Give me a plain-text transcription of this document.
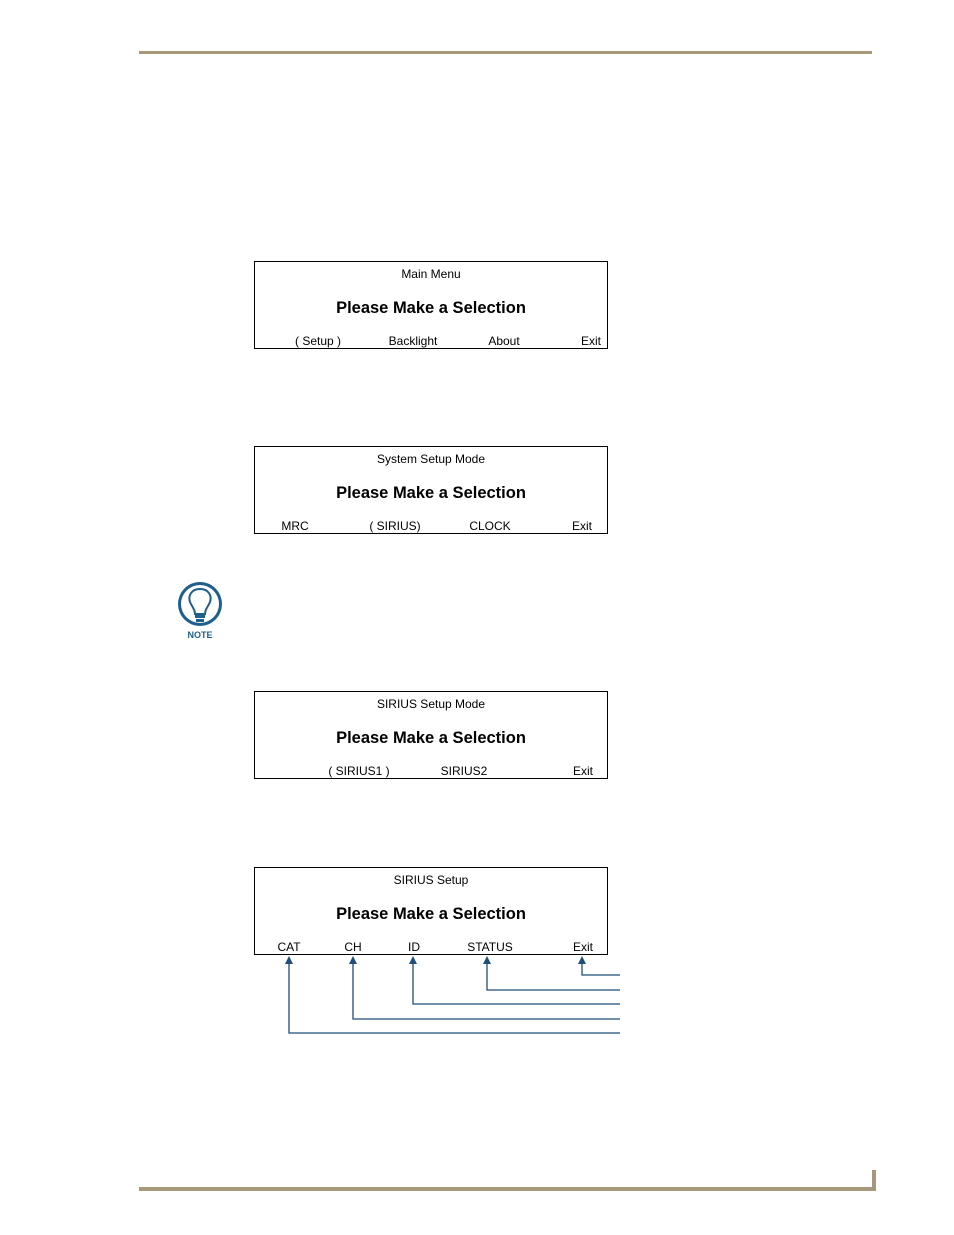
Main Menu
Please Make a Selection
( Setup )	Backlight	About	Exit
System Setup Mode
Please Make a Selection
MRC	( SIRIUS)	CLOCK	Exit
NOTE
SIRIUS Setup Mode
Please Make a Selection
( SIRIUS1 )	SIRIUS2	Exit
SIRIUS Setup
Please Make a Selection
CAT	CH	ID	STATUS	Exit
